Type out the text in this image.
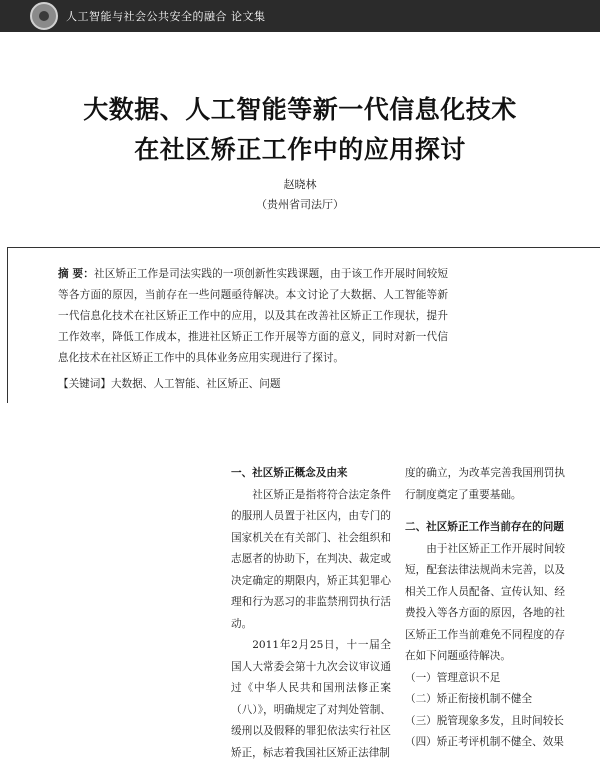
人工智能与社会公共安全的融合 论文集
大数据、人工智能等新一代信息化技术
在社区矫正工作中的应用探讨
赵晓林
（贵州省司法厅）
摘 要：社区矫正工作是司法实践的一项创新性实践课题，由于该工作开展时间较短等各方面的原因，当前存在一些问题亟待解决。本文讨论了大数据、人工智能等新一代信息化技术在社区矫正工作中的应用，以及其在改善社区矫正工作现状，提升工作效率，降低工作成本，推进社区矫正工作开展等方面的意义，同时对新一代信息化技术在社区矫正工作中的具体业务应用实现进行了探讨。
【关键词】大数据、人工智能、社区矫正、问题
一、社区矫正概念及由来

社区矫正是指将符合法定条件的服刑人员置于社区内，由专门的国家机关在有关部门、社会组织和志愿者的协助下，在判决、裁定或决定确定的期限内，矫正其犯罪心理和行为恶习的非监禁刑罚执行活动。

2011年2月25日，十一届全国人大常委会第十九次会议审议通过《中华人民共和国刑法修正案（八）》，明确规定了对判处管制、缓刑以及假释的罪犯依法实行社区矫正，标志着我国社区矫正法律制

度的确立，为改革完善我国刑罚执行制度奠定了重要基础。

二、社区矫正工作当前存在的问题

由于社区矫正工作开展时间较短，配套法律法规尚未完善，以及相关工作人员配备、宣传认知、经费投入等各方面的原因，各地的社区矫正工作当前难免不同程度的存在如下问题亟待解决。

（一）管理意识不足

（二）矫正衔接机制不健全

（三）脱管现象多发，且时间较长

（四）矫正考评机制不健全、效果
